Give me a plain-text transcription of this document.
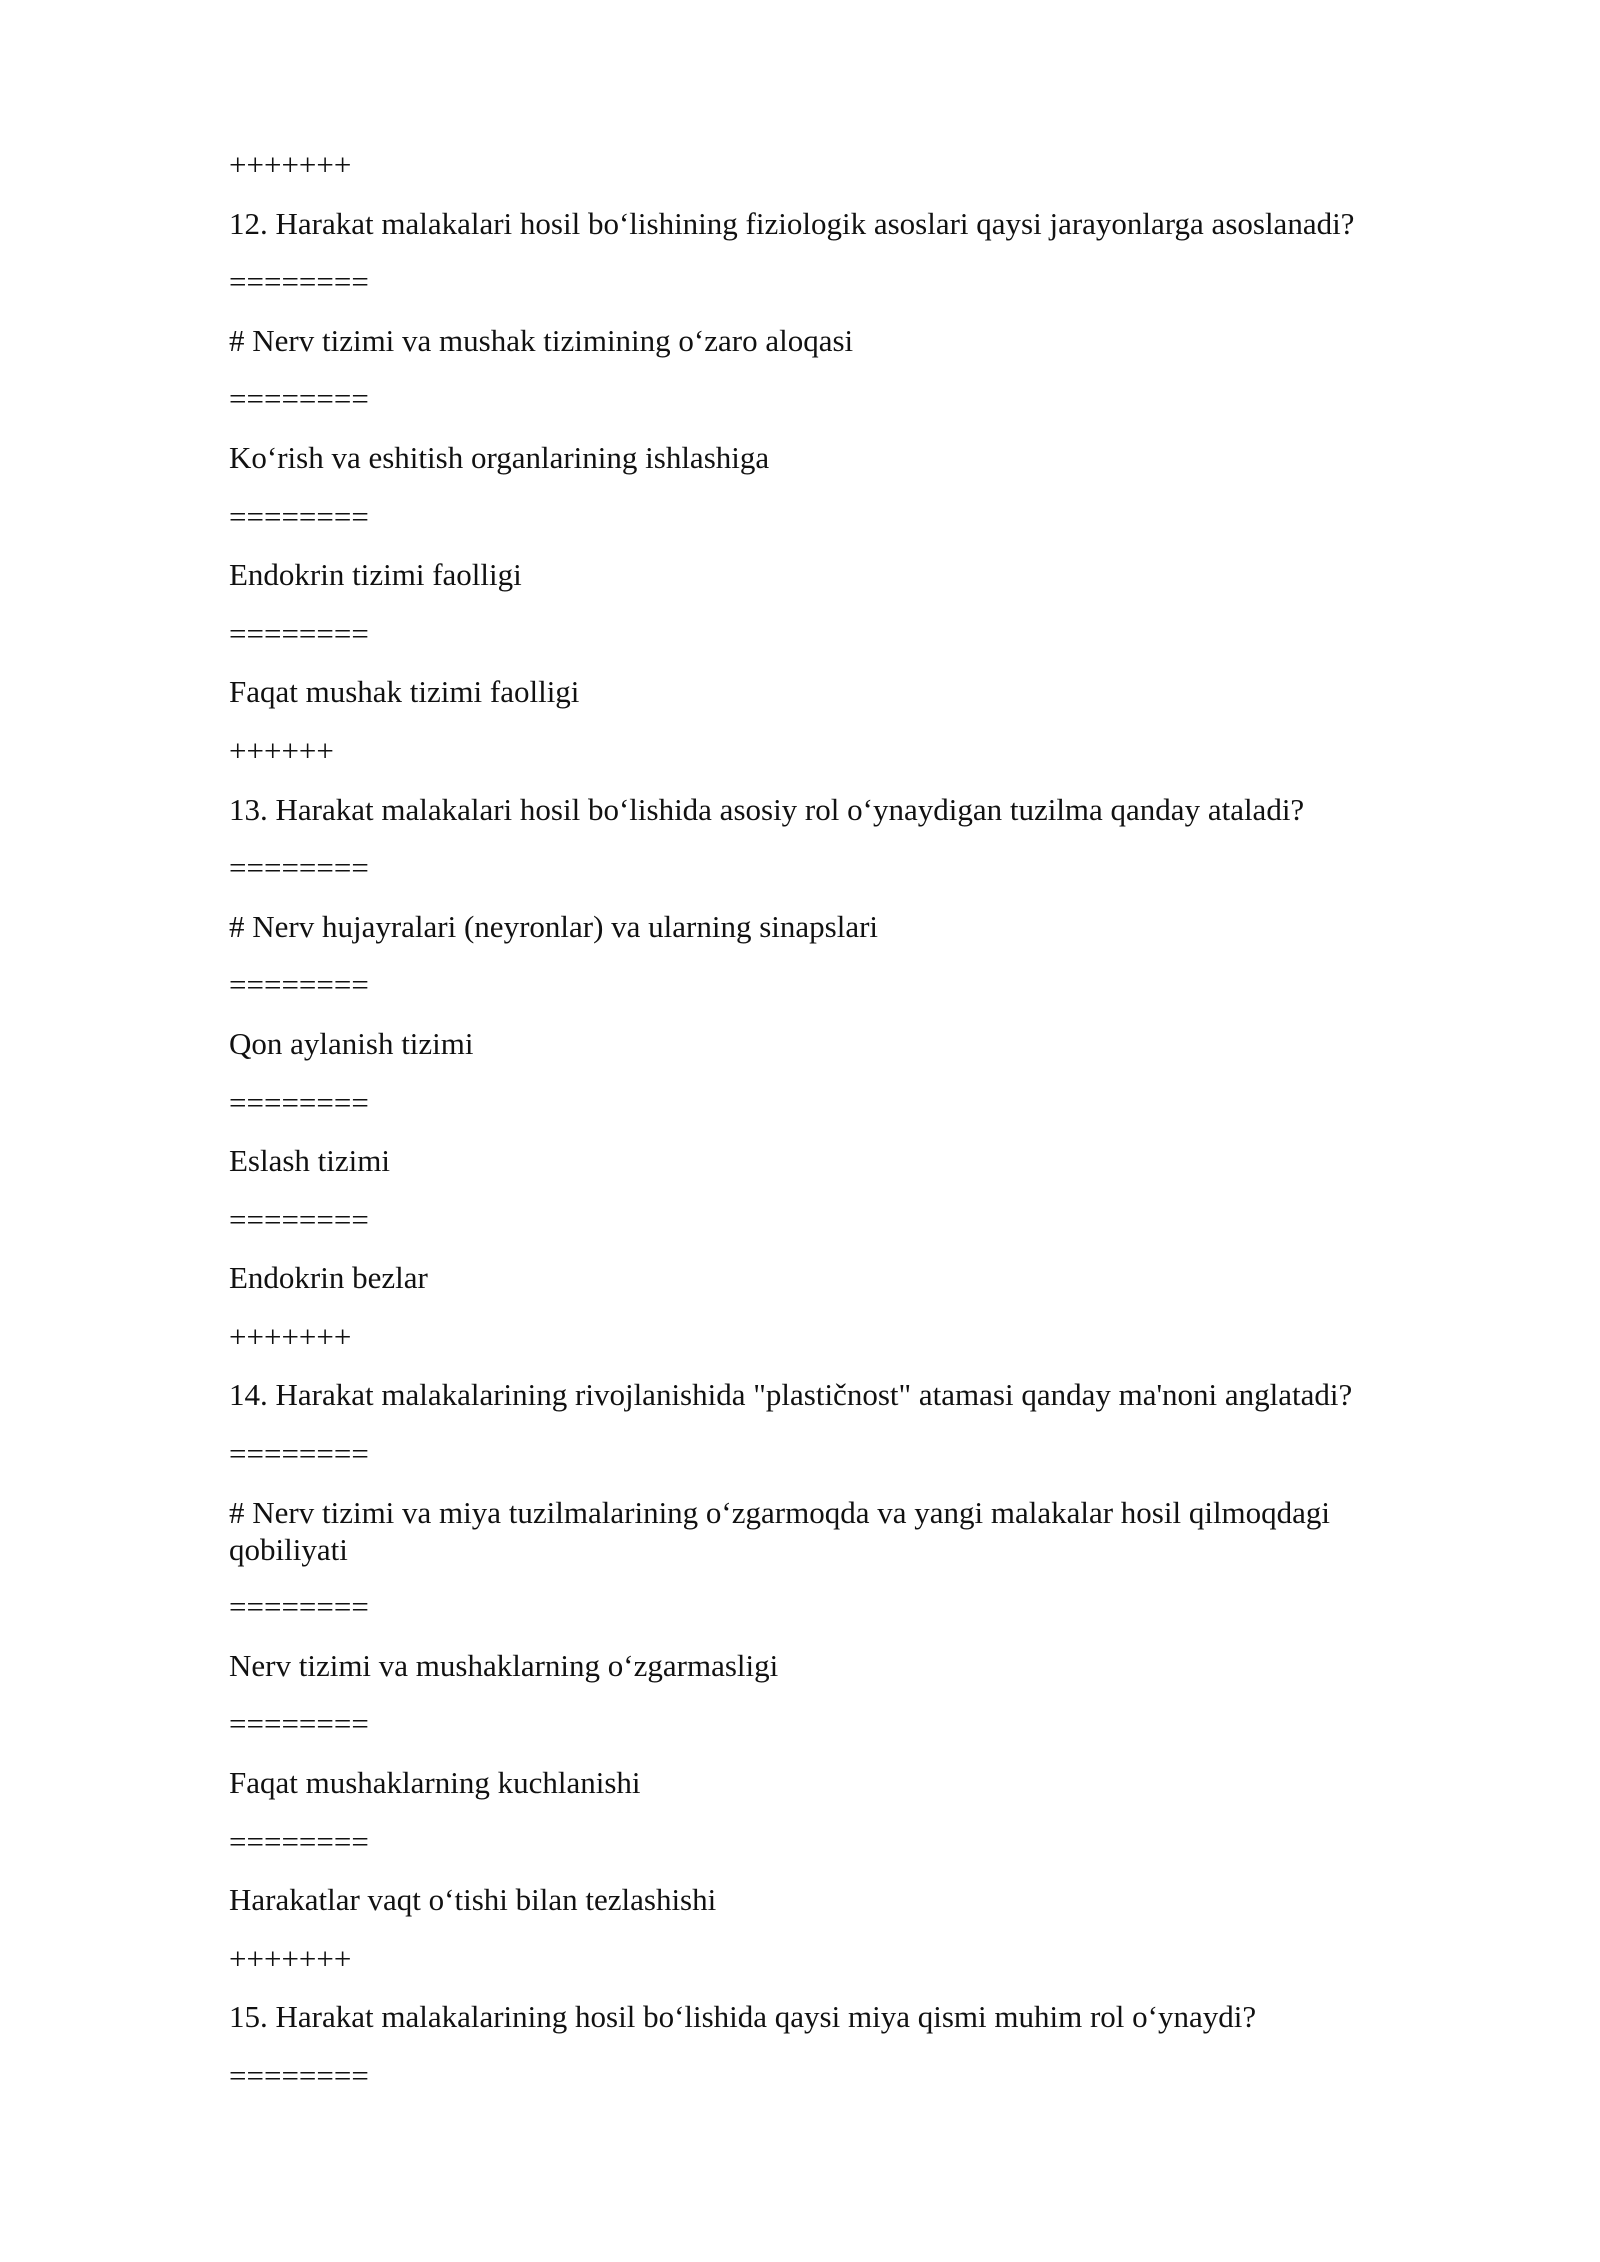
+++++++
12. Harakat malakalari hosil boʻlishining fiziologik asoslari qaysi jarayonlarga asoslanadi?
========
# Nerv tizimi va mushak tizimining oʻzaro aloqasi
========
Koʻrish va eshitish organlarining ishlashiga
========
Endokrin tizimi faolligi
========
Faqat mushak tizimi faolligi
++++++
13. Harakat malakalari hosil boʻlishida asosiy rol oʻynaydigan tuzilma qanday ataladi?
========
# Nerv hujayralari (neyronlar) va ularning sinapslari
========
Qon aylanish tizimi
========
Eslash tizimi
========
Endokrin bezlar
+++++++
14. Harakat malakalarining rivojlanishida "plastičnost" atamasi qanday ma'noni anglatadi?
========
# Nerv tizimi va miya tuzilmalarining oʻzgarmoqda va yangi malakalar hosil qilmoqdagi qobiliyati
========
Nerv tizimi va mushaklarning oʻzgarmasligi
========
Faqat mushaklarning kuchlanishi
========
Harakatlar vaqt oʻtishi bilan tezlashishi
+++++++
15. Harakat malakalarining hosil boʻlishida qaysi miya qismi muhim rol oʻynaydi?
========
